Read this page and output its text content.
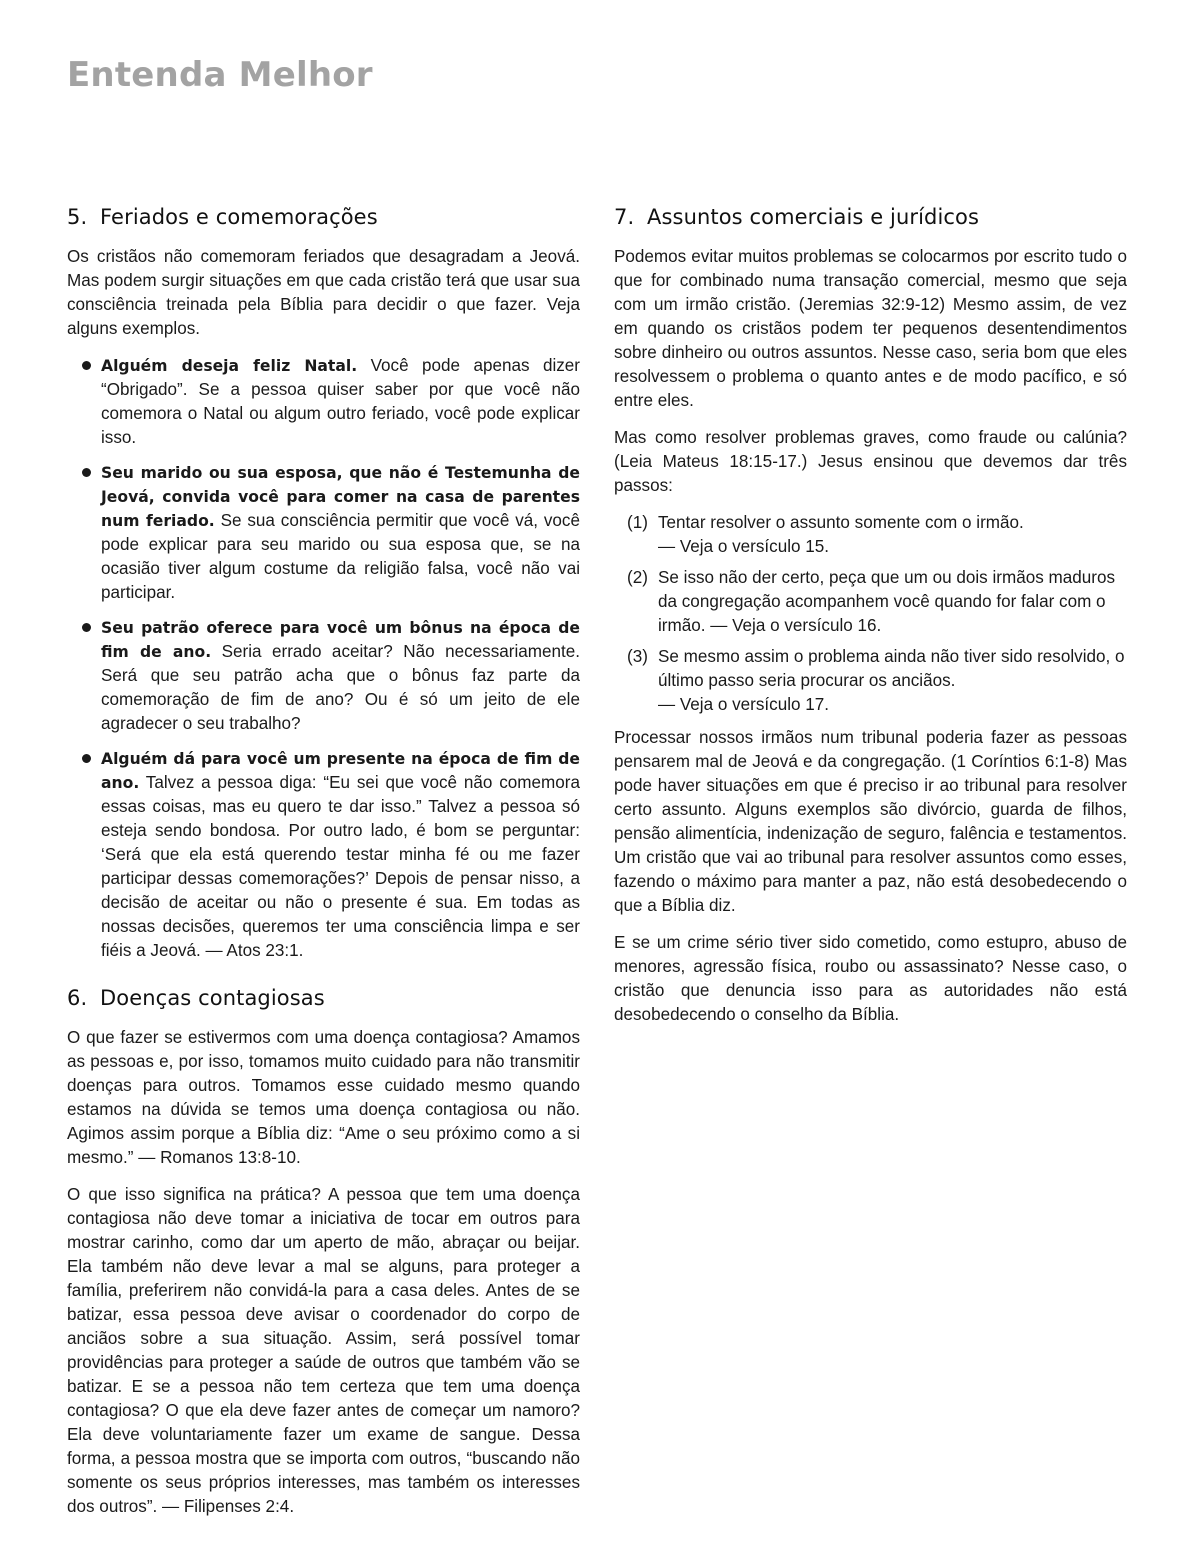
Entenda Melhor
5. Feriados e comemorações

Os cristãos não comemoram feriados que desagradam a Jeová. Mas podem surgir situações em que cada cristão terá que usar sua consciência treinada pela Bíblia para decidir o que fazer. Veja alguns exemplos.

Alguém deseja feliz Natal. Você pode apenas dizer “Obrigado”. Se a pessoa quiser saber por que você não comemora o Natal ou algum outro feriado, você pode explicar isso.
Seu marido ou sua esposa, que não é Testemunha de Jeová, convida você para comer na casa de parentes num feriado. Se sua consciência permitir que você vá, você pode explicar para seu marido ou sua esposa que, se na ocasião tiver algum costume da religião falsa, você não vai participar.
Seu patrão oferece para você um bônus na época de fim de ano. Seria errado aceitar? Não necessariamente. Será que seu patrão acha que o bônus faz parte da comemoração de fim de ano? Ou é só um jeito de ele agradecer o seu trabalho?
Alguém dá para você um presente na época de fim de ano. Talvez a pessoa diga: “Eu sei que você não comemora essas coisas, mas eu quero te dar isso.” Talvez a pessoa só esteja sendo bondosa. Por outro lado, é bom se perguntar: ‘Será que ela está querendo testar minha fé ou me fazer participar dessas comemorações?’ Depois de pensar nisso, a decisão de aceitar ou não o presente é sua. Em todas as nossas decisões, queremos ter uma consciência limpa e ser fiéis a Jeová. — Atos 23:1.
6. Doenças contagiosas

O que fazer se estivermos com uma doença contagiosa? Amamos as pessoas e, por isso, tomamos muito cuidado para não transmitir doenças para outros. Tomamos esse cuidado mesmo quando estamos na dúvida se temos uma doença contagiosa ou não. Agimos assim porque a Bíblia diz: “Ame o seu próximo como a si mesmo.” — Romanos 13:8-10.

O que isso significa na prática? A pessoa que tem uma doença contagiosa não deve tomar a iniciativa de tocar em outros para mostrar carinho, como dar um aperto de mão, abraçar ou beijar. Ela também não deve levar a mal se alguns, para proteger a família, preferirem não convidá-la para a casa deles. Antes de se batizar, essa pessoa deve avisar o coordenador do corpo de anciãos sobre a sua situação. Assim, será possível tomar providências para proteger a saúde de outros que também vão se batizar. E se a pessoa não tem certeza que tem uma doença contagiosa? O que ela deve fazer antes de começar um namoro? Ela deve voluntariamente fazer um exame de sangue. Dessa forma, a pessoa mostra que se importa com outros, “buscando não somente os seus próprios interesses, mas também os interesses dos outros”. — Filipenses 2:4.

7. Assuntos comerciais e jurídicos

Podemos evitar muitos problemas se colocarmos por escrito tudo o que for combinado numa transação comercial, mesmo que seja com um irmão cristão. (Jeremias 32:9-12) Mesmo assim, de vez em quando os cristãos podem ter pequenos desentendimentos sobre dinheiro ou outros assuntos. Nesse caso, seria bom que eles resolvessem o problema o quanto antes e de modo pacífico, e só entre eles.

Mas como resolver problemas graves, como fraude ou calúnia? (Leia Mateus 18:15-17.) Jesus ensinou que devemos dar três passos:

(1) Tentar resolver o assunto somente com o irmão.
— Veja o versículo 15.
(2) Se isso não der certo, peça que um ou dois irmãos maduros da congregação acompanhem você quando for falar com o irmão. — Veja o versículo 16.
(3) Se mesmo assim o problema ainda não tiver sido resolvido, o último passo seria procurar os anciãos.
— Veja o versículo 17.

Processar nossos irmãos num tribunal poderia fazer as pessoas pensarem mal de Jeová e da congregação. (1 Coríntios 6:1-8) Mas pode haver situações em que é preciso ir ao tribunal para resolver certo assunto. Alguns exemplos são divórcio, guarda de filhos, pensão alimentícia, indenização de seguro, falência e testamentos. Um cristão que vai ao tribunal para resolver assuntos como esses, fazendo o máximo para manter a paz, não está desobedecendo o que a Bíblia diz.

E se um crime sério tiver sido cometido, como estupro, abuso de menores, agressão física, roubo ou assassinato? Nesse caso, o cristão que denuncia isso para as autoridades não está desobedecendo o conselho da Bíblia.
